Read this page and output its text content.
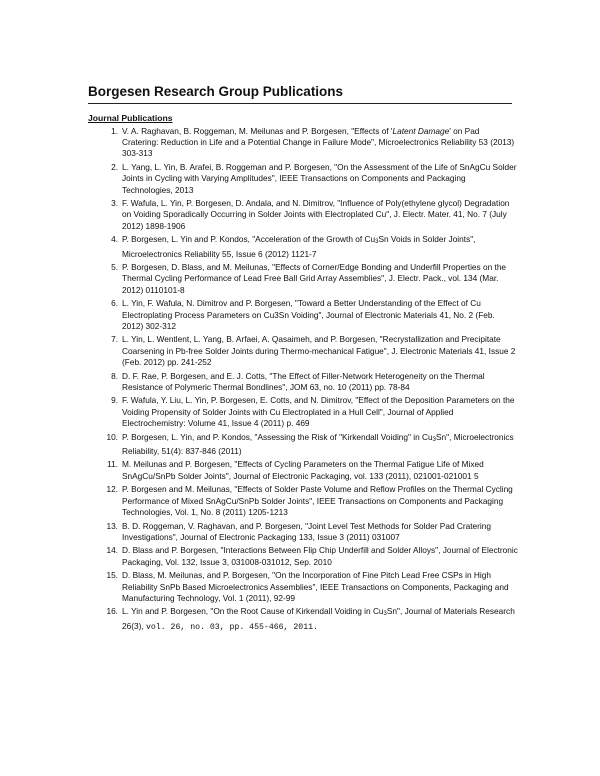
Borgesen Research Group Publications
Journal Publications
1. V. A. Raghavan, B. Roggeman, M. Meilunas and P. Borgesen, "Effects of 'Latent Damage' on Pad Cratering: Reduction in Life and a Potential Change in Failure Mode", Microelectronics Reliability 53 (2013) 303-313
2. L. Yang, L. Yin, B. Arafei, B. Roggeman and P. Borgesen, "On the Assessment of the Life of SnAgCu Solder Joints in Cycling with Varying Amplitudes", IEEE Transactions on Components and Packaging Technologies, 2013
3. F. Wafula, L. Yin, P. Borgesen, D. Andala, and N. Dimitrov, "Influence of Poly(ethylene glycol) Degradation on Voiding Sporadically Occurring in Solder Joints with Electroplated Cu", J. Electr. Mater. 41, No. 7 (July 2012) 1898-1906
4. P. Borgesen, L. Yin and P. Kondos, "Acceleration of the Growth of $Cu_3Sn$ Voids in Solder Joints", Microelectronics Reliability 55, Issue 6 (2012) 1121-7
5. P. Borgesen, D. Blass, and M. Meilunas, "Effects of Corner/Edge Bonding and Underfill Properties on the Thermal Cycling Performance of Lead Free Ball Grid Array Assemblies", J. Electr. Pack., vol. 134 (Mar. 2012) 0110101-8
6. L. Yin, F. Wafula, N. Dimitrov and P. Borgesen, "Toward a Better Understanding of the Effect of Cu Electroplating Process Parameters on Cu3Sn Voiding", Journal of Electronic Materials 41, No. 2 (Feb. 2012) 302-312
7. L. Yin, L. Wentlent, L. Yang, B. Arfaei, A. Qasaimeh, and P. Borgesen, "Recrystallization and Precipitate Coarsening in Pb-free Solder Joints during Thermo-mechanical Fatigue", J. Electronic Materials 41, Issue 2 (Feb. 2012) pp. 241-252
8. D. F. Rae, P. Borgesen, and E. J. Cotts, "The Effect of Filler-Network Heterogeneity on the Thermal Resistance of Polymeric Thermal Bondlines", JOM 63, no. 10 (2011) pp. 78-84
9. F. Wafula, Y. Liu, L. Yin, P. Borgesen, E. Cotts, and N. Dimitrov, "Effect of the Deposition Parameters on the Voiding Propensity of Solder Joints with Cu Electroplated in a Hull Cell", Journal of Applied Electrochemistry: Volume 41, Issue 4 (2011) p. 469
10. P. Borgesen, L. Yin, and P. Kondos, "Assessing the Risk of "Kirkendall Voiding" in $Cu_3Sn$", Microelectronics Reliability, 51(4): 837-846 (2011)
11. M. Meilunas and P. Borgesen, "Effects of Cycling Parameters on the Thermal Fatigue Life of Mixed SnAgCu/SnPb Solder Joints", Journal of Electronic Packaging, vol. 133 (2011), 021001-021001 5
12. P. Borgesen and M. Meilunas, "Effects of Solder Paste Volume and Reflow Profiles on the Thermal Cycling Performance of Mixed SnAgCu/SnPb Solder Joints", IEEE Transactions on Components and Packaging Technologies, Vol. 1, No. 8 (2011) 1205-1213
13. B. D. Roggeman, V. Raghavan, and P. Borgesen, "Joint Level Test Methods for Solder Pad Cratering Investigations", Journal of Electronic Packaging 133, Issue 3 (2011) 031007
14. D. Blass and P. Borgesen, "Interactions Between Flip Chip Underfill and Solder Alloys", Journal of Electronic Packaging, Vol. 132, Issue 3, 031008-031012, Sep. 2010
15. D. Blass, M. Meilunas, and P. Borgesen, "On the Incorporation of Fine Pitch Lead Free CSPs in High Reliability SnPb Based Microelectronics Assemblies", IEEE Transactions on Components, Packaging and Manufacturing Technology, Vol. 1 (2011), 92-99
16. L. Yin and P. Borgesen, "On the Root Cause of Kirkendall Voiding in $Cu_3Sn$", Journal of Materials Research 26(3), vol. 26, no. 03, pp. 455-466, 2011.
